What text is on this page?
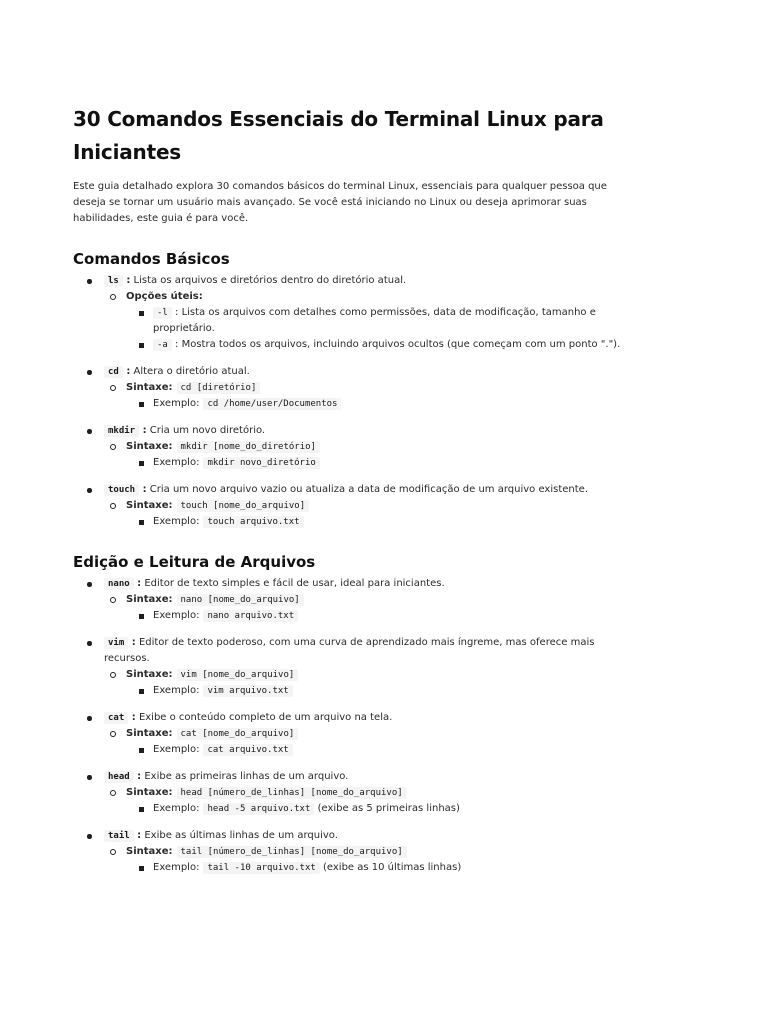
30 Comandos Essenciais do Terminal Linux para Iniciantes

Este guia detalhado explora 30 comandos básicos do terminal Linux, essenciais para qualquer pessoa que deseja se tornar um usuário mais avançado. Se você está iniciando no Linux ou deseja aprimorar suas habilidades, este guia é para você.

Comandos Básicos
ls : Lista os arquivos e diretórios dentro do diretório atual.
Opções úteis:
-l : Lista os arquivos com detalhes como permissões, data de modificação, tamanho e proprietário.
-a : Mostra todos os arquivos, incluindo arquivos ocultos (que começam com um ponto ".").
cd : Altera o diretório atual.
Sintaxe: cd [diretório]
Exemplo: cd /home/user/Documentos
mkdir : Cria um novo diretório.
Sintaxe: mkdir [nome_do_diretório]
Exemplo: mkdir novo_diretório
touch : Cria um novo arquivo vazio ou atualiza a data de modificação de um arquivo existente.
Sintaxe: touch [nome_do_arquivo]
Exemplo: touch arquivo.txt
Edição e Leitura de Arquivos
nano : Editor de texto simples e fácil de usar, ideal para iniciantes.
Sintaxe: nano [nome_do_arquivo]
Exemplo: nano arquivo.txt
vim : Editor de texto poderoso, com uma curva de aprendizado mais íngreme, mas oferece mais recursos.
Sintaxe: vim [nome_do_arquivo]
Exemplo: vim arquivo.txt
cat : Exibe o conteúdo completo de um arquivo na tela.
Sintaxe: cat [nome_do_arquivo]
Exemplo: cat arquivo.txt
head : Exibe as primeiras linhas de um arquivo.
Sintaxe: head [número_de_linhas] [nome_do_arquivo]
Exemplo: head -5 arquivo.txt (exibe as 5 primeiras linhas)
tail : Exibe as últimas linhas de um arquivo.
Sintaxe: tail [número_de_linhas] [nome_do_arquivo]
Exemplo: tail -10 arquivo.txt (exibe as 10 últimas linhas)
